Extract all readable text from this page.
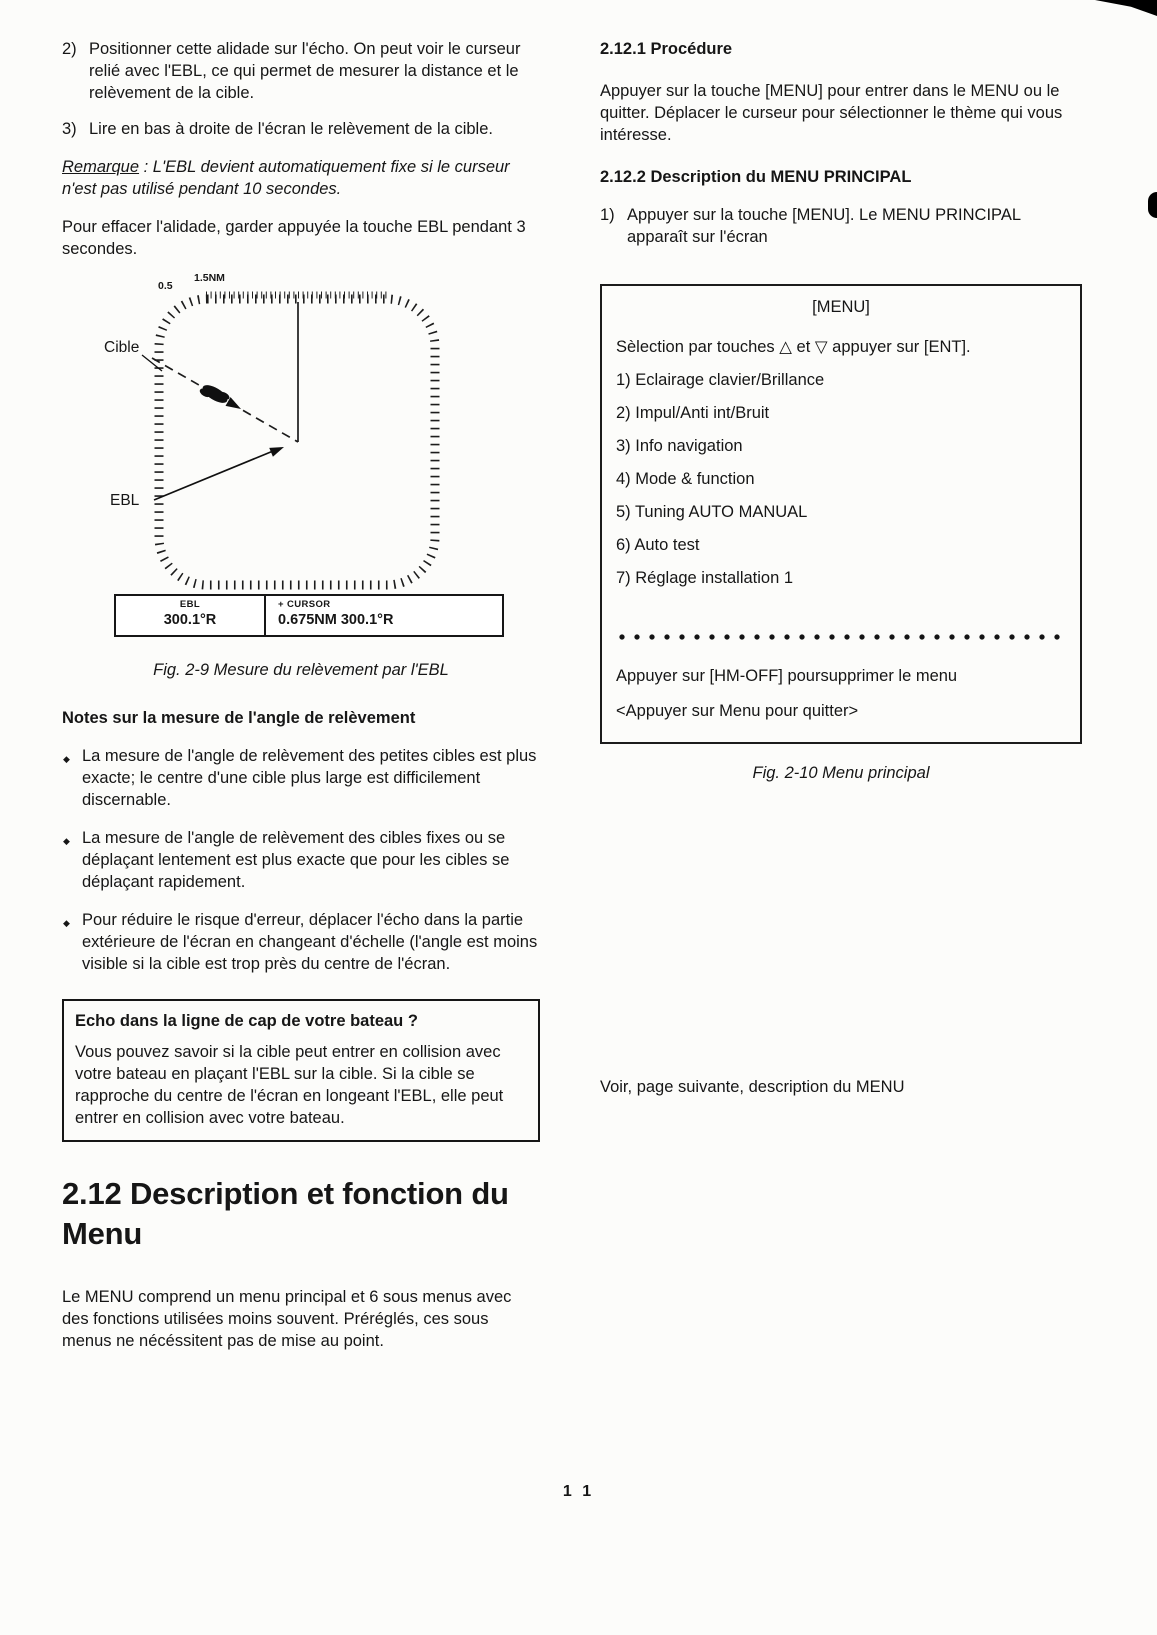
2) Positionner cette alidade sur l'écho. On peut voir le curseur relié avec l'EBL, ce qui permet de mesurer la distance et le relèvement de la cible.
3) Lire en bas à droite de l'écran le relèvement de la cible.

Remarque : L'EBL devient automatiquement fixe si le curseur n'est pas utilisé pendant 10 secondes.

Pour effacer l'alidade, garder appuyée la touche EBL pendant 3 secondes.

Cible
EBL
0.5
1.5NM
EBL
300.1°R
+ CURSOR
0.675NM 300.1°R
Fig. 2-9 Mesure du relèvement par l'EBL
Notes sur la mesure de l'angle de relèvement
◆ La mesure de l'angle de relèvement des petites cibles est plus exacte; le centre d'une cible plus large est difficilement discernable.
◆ La mesure de l'angle de relèvement des cibles fixes ou se déplaçant lentement est plus exacte que pour les cibles se déplaçant rapidement.
◆ Pour réduire le risque d'erreur, déplacer l'écho dans la partie extérieure de l'écran en changeant d'échelle (l'angle est moins visible si la cible est trop près du centre de l'écran.
Echo dans la ligne de cap de votre bateau ?
Vous pouvez savoir si la cible peut entrer en collision avec votre bateau en plaçant l'EBL sur la cible. Si la cible se rapproche du centre de l'écran en longeant l'EBL, elle peut entrer en collision avec votre bateau.
2.12 Description et fonction du Menu

Le MENU comprend un menu principal et 6 sous menus avec des fonctions utilisées moins souvent. Préréglés, ces sous menus ne nécéssitent pas de mise au point.

2.12.1 Procédure

Appuyer sur la touche [MENU] pour entrer dans le MENU ou le quitter. Déplacer le curseur pour sélectionner le thème qui vous intéresse.

2.12.2 Description du MENU PRINCIPAL
1) Appuyer sur la touche [MENU]. Le MENU PRINCIPAL apparaît sur l'écran
[MENU]
Sèlection par touches △ et ▽ appuyer sur [ENT].
1) Eclairage clavier/Brillance
2) Impul/Anti int/Bruit
3) Info navigation
4) Mode & function
5) Tuning AUTO MANUAL
6) Auto test
7) Réglage installation 1
Appuyer sur [HM-OFF] poursupprimer le menu
<Appuyer sur Menu pour quitter>
Fig. 2-10 Menu principal
Voir, page suivante, description du MENU
1 1
